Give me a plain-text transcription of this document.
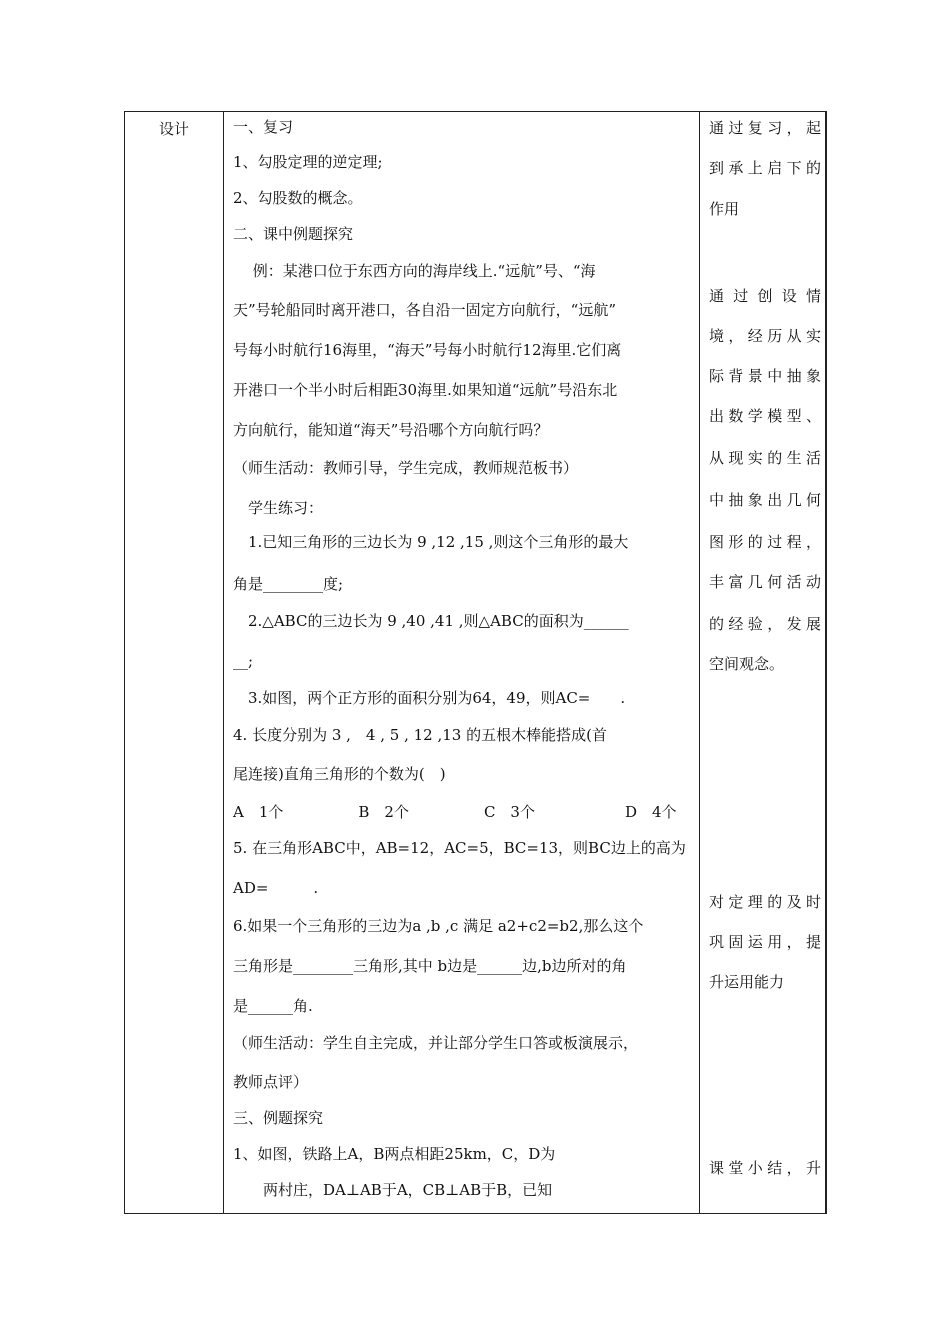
设计	一、复习
1、勾股定理的逆定理;
2、勾股数的概念。
二、课中例题探究
　 例：某港口位于东西方向的海岸线上.“远航”号、“海
天”号轮船同时离开港口，各自沿一固定方向航行，“远航”
号每小时航行16海里，“海天”号每小时航行12海里.它们离
开港口一个半小时后相距30海里.如果知道“远航”号沿东北
方向航行，能知道“海天”号沿哪个方向航行吗？
（师生活动：教师引导，学生完成，教师规范板书）
　学生练习：
　1.已知三角形的三边长为 9 ,12 ,15 ,则这个三角形的最大
角是________度;
　2.△ABC的三边长为 9 ,40 ,41 ,则△ABC的面积为______
__;
　3.如图，两个正方形的面积分别为64，49，则AC=　　.
4. 长度分别为 3 ,　4 , 5 , 12 ,13 的五根木棒能搭成(首
尾连接)直角三角形的个数为(　)
A　1个　　　　　B　2个　　　　　C　3个　　　　　　D　4个
5. 在三角形ABC中，AB=12，AC=5，BC=13，则BC边上的高为
AD=　　　.
6.如果一个三角形的三边为a ,b ,c 满足 a2+c2=b2,那么这个
三角形是________三角形,其中 b边是______边,b边所对的角
是______角.
（师生活动：学生自主完成，并让部分学生口答或板演展示，
教师点评）
三、例题探究
1、如图，铁路上A，B两点相距25km，C，D为
　　两村庄，DA⊥AB于A，CB⊥AB于B，已知
通过复习，起
到承上启下的
作用
通过创设情
境，经历从实
际背景中抽象
出数学模型、
从现实的生活
中抽象出几何
图形的过程，
丰富几何活动
的经验，发展
空间观念。
对定理的及时
巩固运用，提
升运用能力
课堂小结，升
